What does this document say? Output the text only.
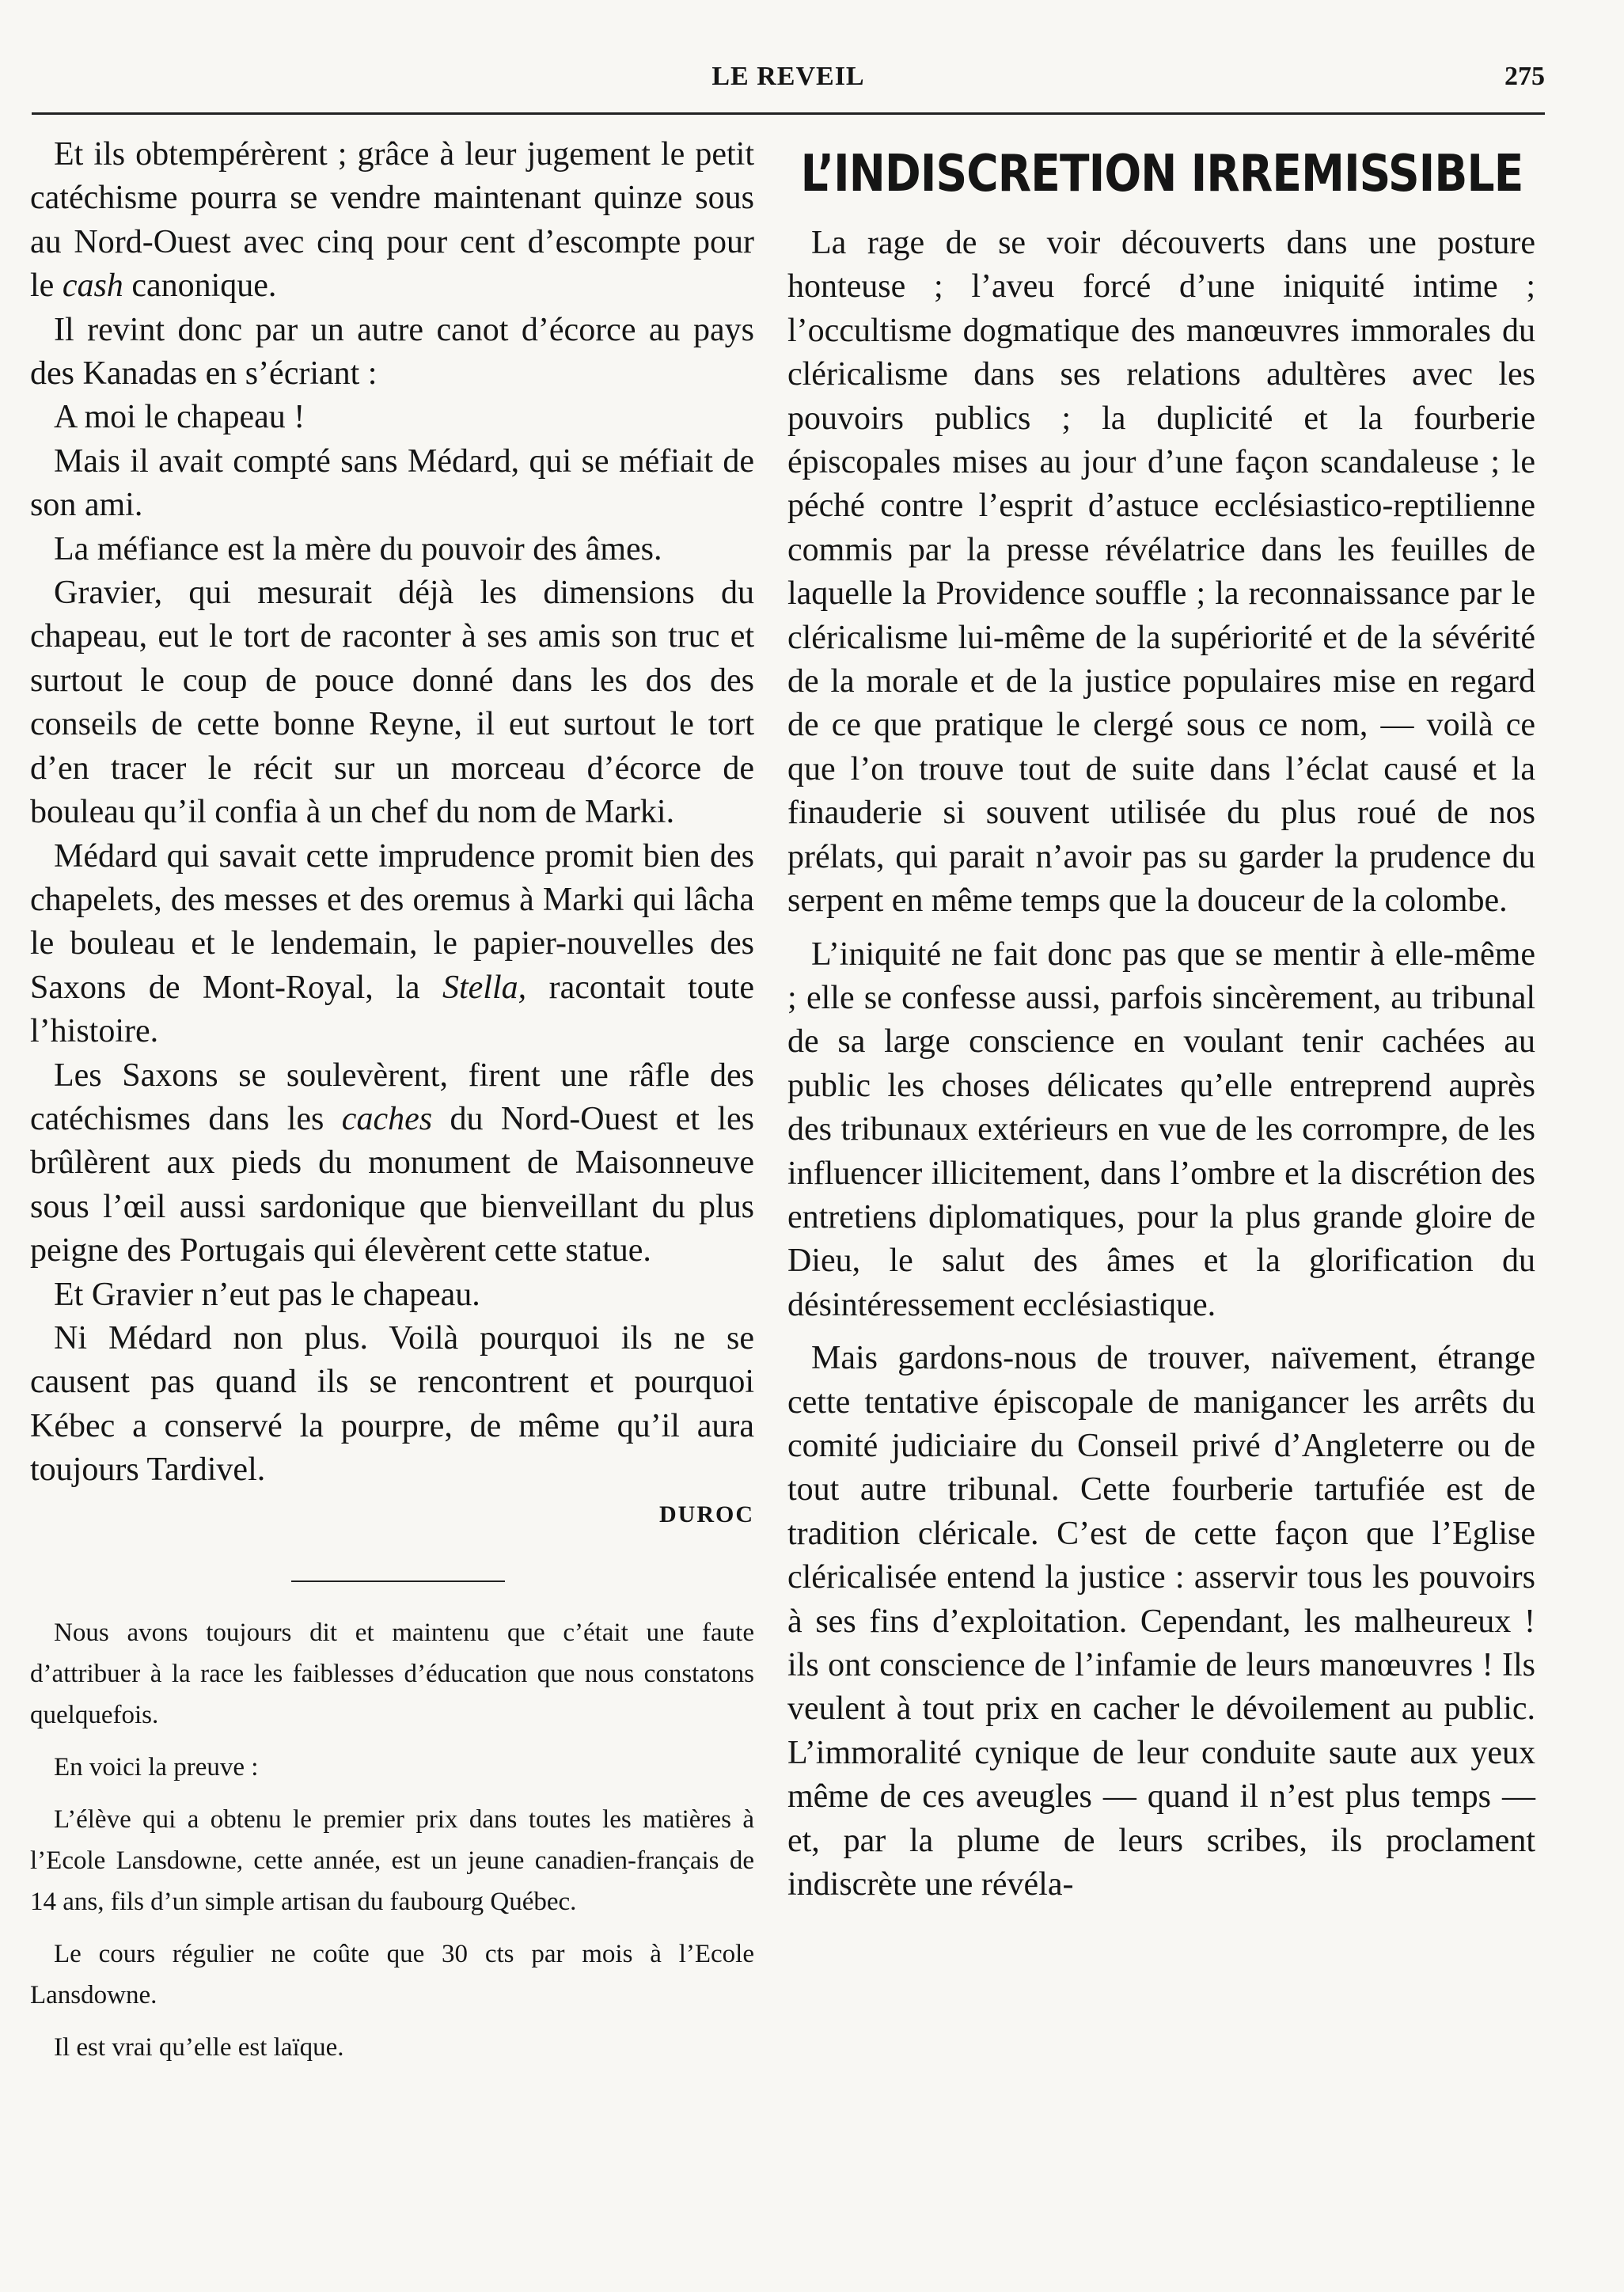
LE REVEIL	275

Et ils obtempérèrent ; grâce à leur jugement le petit catéchisme pourra se vendre maintenant quinze sous au Nord-Ouest avec cinq pour cent d’escompte pour le cash canonique.

Il revint donc par un autre canot d’écorce au pays des Kanadas en s’écriant :

A moi le chapeau !

Mais il avait compté sans Médard, qui se méfiait de son ami.

La méfiance est la mère du pouvoir des âmes.

Gravier, qui mesurait déjà les dimensions du chapeau, eut le tort de raconter à ses amis son truc et surtout le coup de pouce donné dans les dos des conseils de cette bonne Reyne, il eut surtout le tort d’en tracer le récit sur un morceau d’écorce de bouleau qu’il confia à un chef du nom de Marki.

Médard qui savait cette imprudence promit bien des chapelets, des messes et des oremus à Marki qui lâcha le bouleau et le lendemain, le papier-nouvelles des Saxons de Mont-Royal, la Stella, racontait toute l’histoire.

Les Saxons se soulevèrent, firent une râfle des catéchismes dans les caches du Nord-Ouest et les brûlèrent aux pieds du monument de Maisonneuve sous l’œil aussi sardonique que bienveillant du plus peigne des Portugais qui élevèrent cette statue.

Et Gravier n’eut pas le chapeau.

Ni Médard non plus. Voilà pourquoi ils ne se causent pas quand ils se rencontrent et pourquoi Kébec a conservé la pourpre, de même qu’il aura toujours Tardivel.

DUROC

Nous avons toujours dit et maintenu que c’était une faute d’attribuer à la race les faiblesses d’éducation que nous constatons quelquefois.

En voici la preuve :

L’élève qui a obtenu le premier prix dans toutes les matières à l’Ecole Lansdowne, cette année, est un jeune canadien-français de 14 ans, fils d’un simple artisan du faubourg Québec.

Le cours régulier ne coûte que 30 cts par mois à l’Ecole Lansdowne.

Il est vrai qu’elle est laïque.

L’INDISCRETION IRREMISSIBLE

La rage de se voir découverts dans une posture honteuse ; l’aveu forcé d’une iniquité intime ; l’occultisme dogmatique des manœuvres immorales du cléricalisme dans ses relations adultères avec les pouvoirs publics ; la duplicité et la fourberie épiscopales mises au jour d’une façon scandaleuse ; le péché contre l’esprit d’astuce ecclésiastico-reptilienne commis par la presse révélatrice dans les feuilles de laquelle la Providence souffle ; la reconnaissance par le cléricalisme lui-même de la supériorité et de la sévérité de la morale et de la justice populaires mise en regard de ce que pratique le clergé sous ce nom, — voilà ce que l’on trouve tout de suite dans l’éclat causé et la finauderie si souvent utilisée du plus roué de nos prélats, qui parait n’avoir pas su garder la prudence du serpent en même temps que la douceur de la colombe.

L’iniquité ne fait donc pas que se mentir à elle-même ; elle se confesse aussi, parfois sincèrement, au tribunal de sa large conscience en voulant tenir cachées au public les choses délicates qu’elle entreprend auprès des tribunaux extérieurs en vue de les corrompre, de les influencer illicitement, dans l’ombre et la discrétion des entretiens diplomatiques, pour la plus grande gloire de Dieu, le salut des âmes et la glorification du désintéressement ecclésiastique.

Mais gardons-nous de trouver, naïvement, étrange cette tentative épiscopale de manigancer les arrêts du comité judiciaire du Conseil privé d’Angleterre ou de tout autre tribunal. Cette fourberie tartufiée est de tradition cléricale. C’est de cette façon que l’Eglise cléricalisée entend la justice : asservir tous les pouvoirs à ses fins d’exploitation. Cependant, les malheureux ! ils ont conscience de l’infamie de leurs manœuvres ! Ils veulent à tout prix en cacher le dévoilement au public. L’immoralité cynique de leur conduite saute aux yeux même de ces aveugles — quand il n’est plus temps — et, par la plume de leurs scribes, ils proclament indiscrète une révéla-
